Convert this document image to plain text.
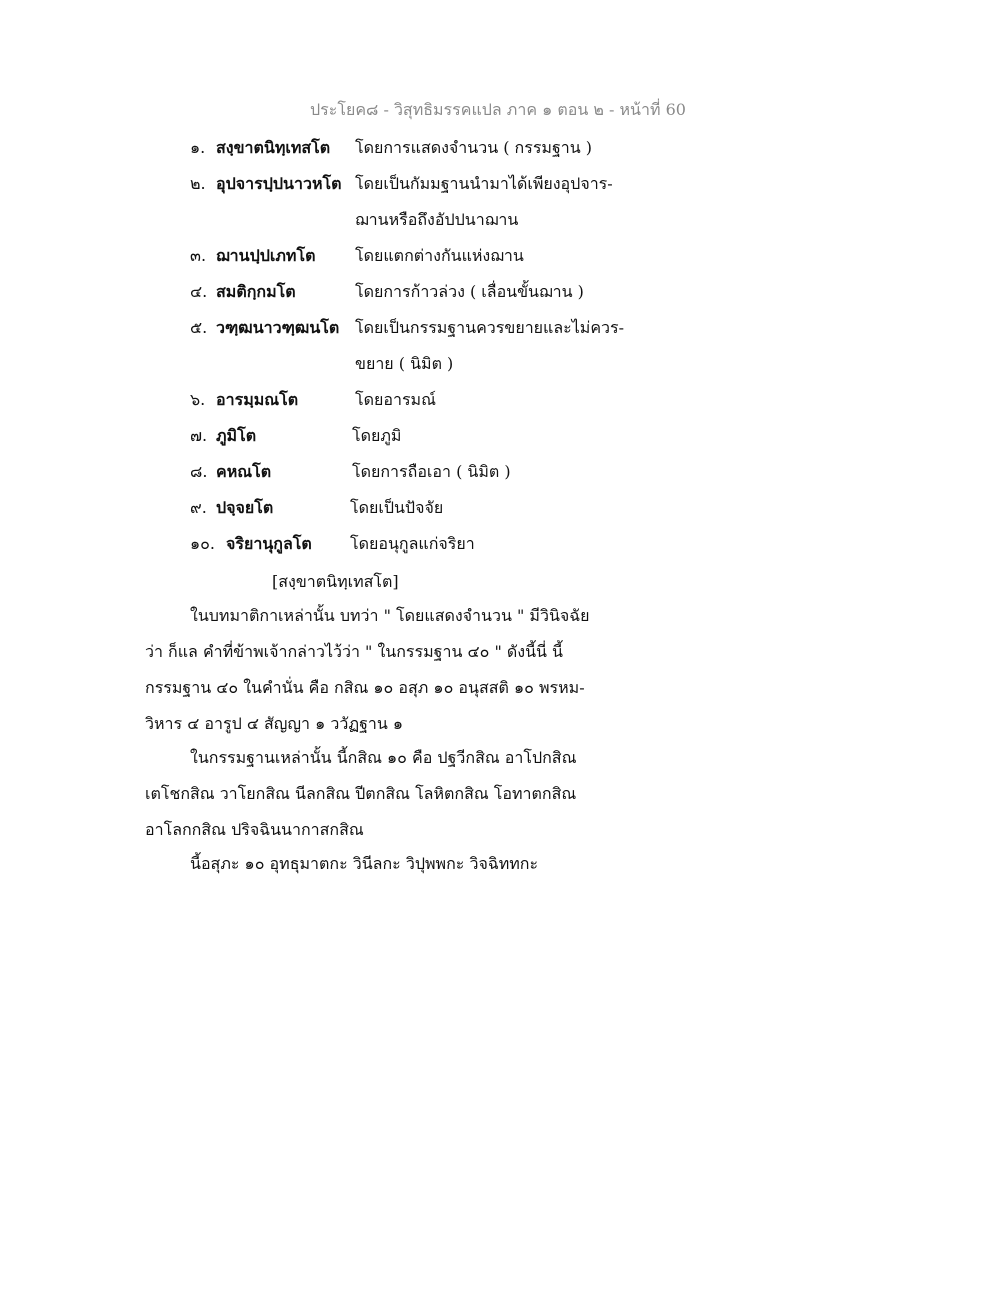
ประโยค๘ - วิสุทธิมรรคแปล ภาค ๑ ตอน ๒ - หน้าที่ 60
๑. สงฺขาตนิทฺเทสโต โดยการแสดงจำนวน ( กรรมฐาน )
๒. อุปจารปฺปนาวหโต โดยเป็นกัมมฐานนำมาได้เพียงอุปจาร-
ฌานหรือถึงอัปปนาฌาน
๓. ฌานปฺปเภทโต โดยแตกต่างกันแห่งฌาน
๔. สมติกฺกมโต	โดยการก้าวล่วง ( เลื่อนขั้นฌาน )
๕. วฑฺฒนาวฑฺฒนโต โดยเป็นกรรมฐานควรขยายและไม่ควร-
ขยาย ( นิมิต )
๖. อารมฺมณโต	โดยอารมณ์
๗. ภูมิโต	โดยภูมิ
๘. คหณโต	โดยการถือเอา ( นิมิต )
๙. ปจฺจยโต	โดยเป็นปัจจัย
๑๐. จริยานุกูลโต โดยอนุกูลแก่จริยา
[สงฺขาตนิทฺเทสโต]
ในบทมาติกาเหล่านั้น บทว่า " โดยแสดงจำนวน " มีวินิจฉัย
ว่า ก็แล คำที่ข้าพเจ้ากล่าวไว้ว่า " ในกรรมฐาน ๔๐ " ดังนี้นี่ นี้
กรรมฐาน ๔๐ ในคำนั่น คือ กสิณ ๑๐ อสุภ ๑๐ อนุสสติ ๑๐ พรหม-
วิหาร ๔ อารูป ๔ สัญญา ๑ ววัฏฐาน ๑
ในกรรมฐานเหล่านั้น นี้กสิณ ๑๐ คือ ปฐวีกสิณ อาโปกสิณ
เตโชกสิณ วาโยกสิณ นีลกสิณ ปีตกสิณ โลหิตกสิณ โอทาตกสิณ
อาโลกกสิณ ปริจฉินนากาสกสิณ
นี้อสุภะ ๑๐ อุทธุมาตกะ วินีลกะ วิปุพพกะ วิจฉิททกะ
